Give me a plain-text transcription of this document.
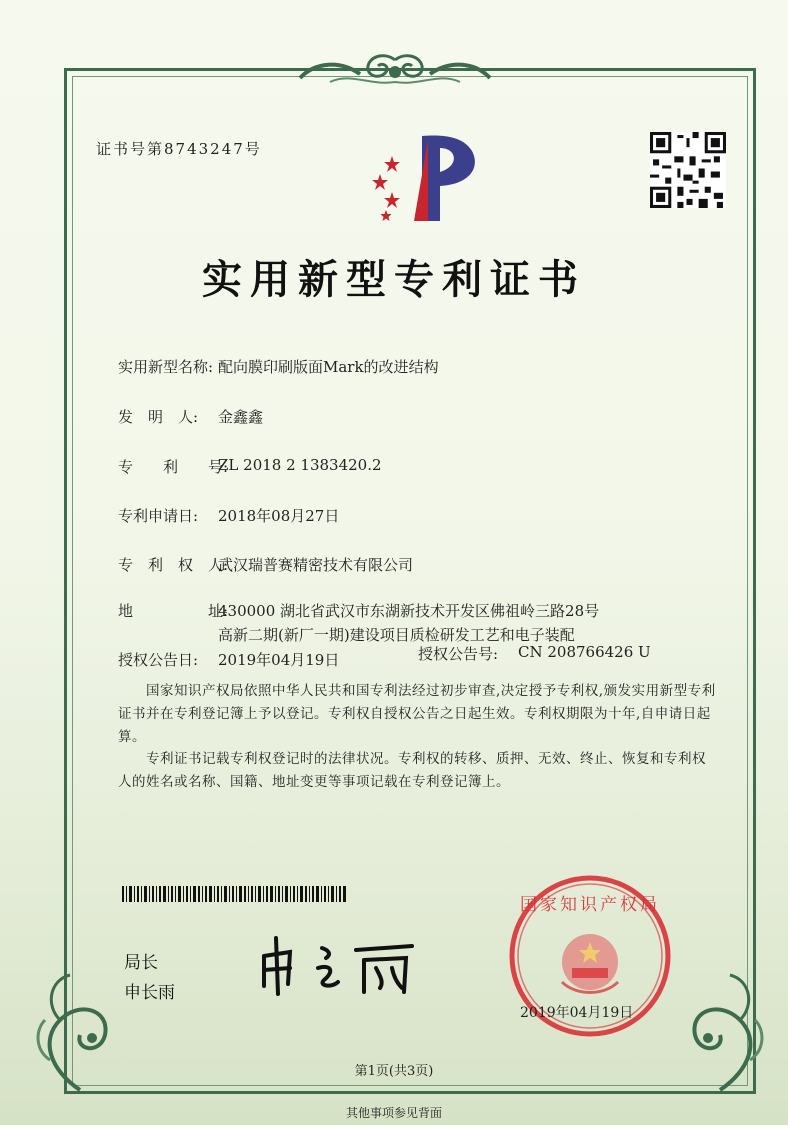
证书号第8743247号
实用新型专利证书
实用新型名称: 配向膜印刷版面Mark的改进结构
发　明　人: 金鑫鑫
专　　利　　号:
ZL 2018 2 1383420.2
专利申请日: 2018年08月27日
专　利　权　人:
武汉瑞普赛精密技术有限公司
地　　　　　址:
430000 湖北省武汉市东湖新技术开发区佛祖岭三路28号
高新二期(新厂一期)建设项目质检研发工艺和电子装配
授权公告日: 2019年04月19日	授权公告号: CN 208766426 U
国家知识产权局依照中华人民共和国专利法经过初步审查,决定授予专利权,颁发实用新型专利证书并在专利登记簿上予以登记。专利权自授权公告之日起生效。专利权期限为十年,自申请日起算。
专利证书记载专利权登记时的法律状况。专利权的转移、质押、无效、终止、恢复和专利权人的姓名或名称、国籍、地址变更等事项记载在专利登记簿上。
局长
申长雨
国家知识产权局
2019年04月19日
第1页(共3页)
其他事项参见背面
